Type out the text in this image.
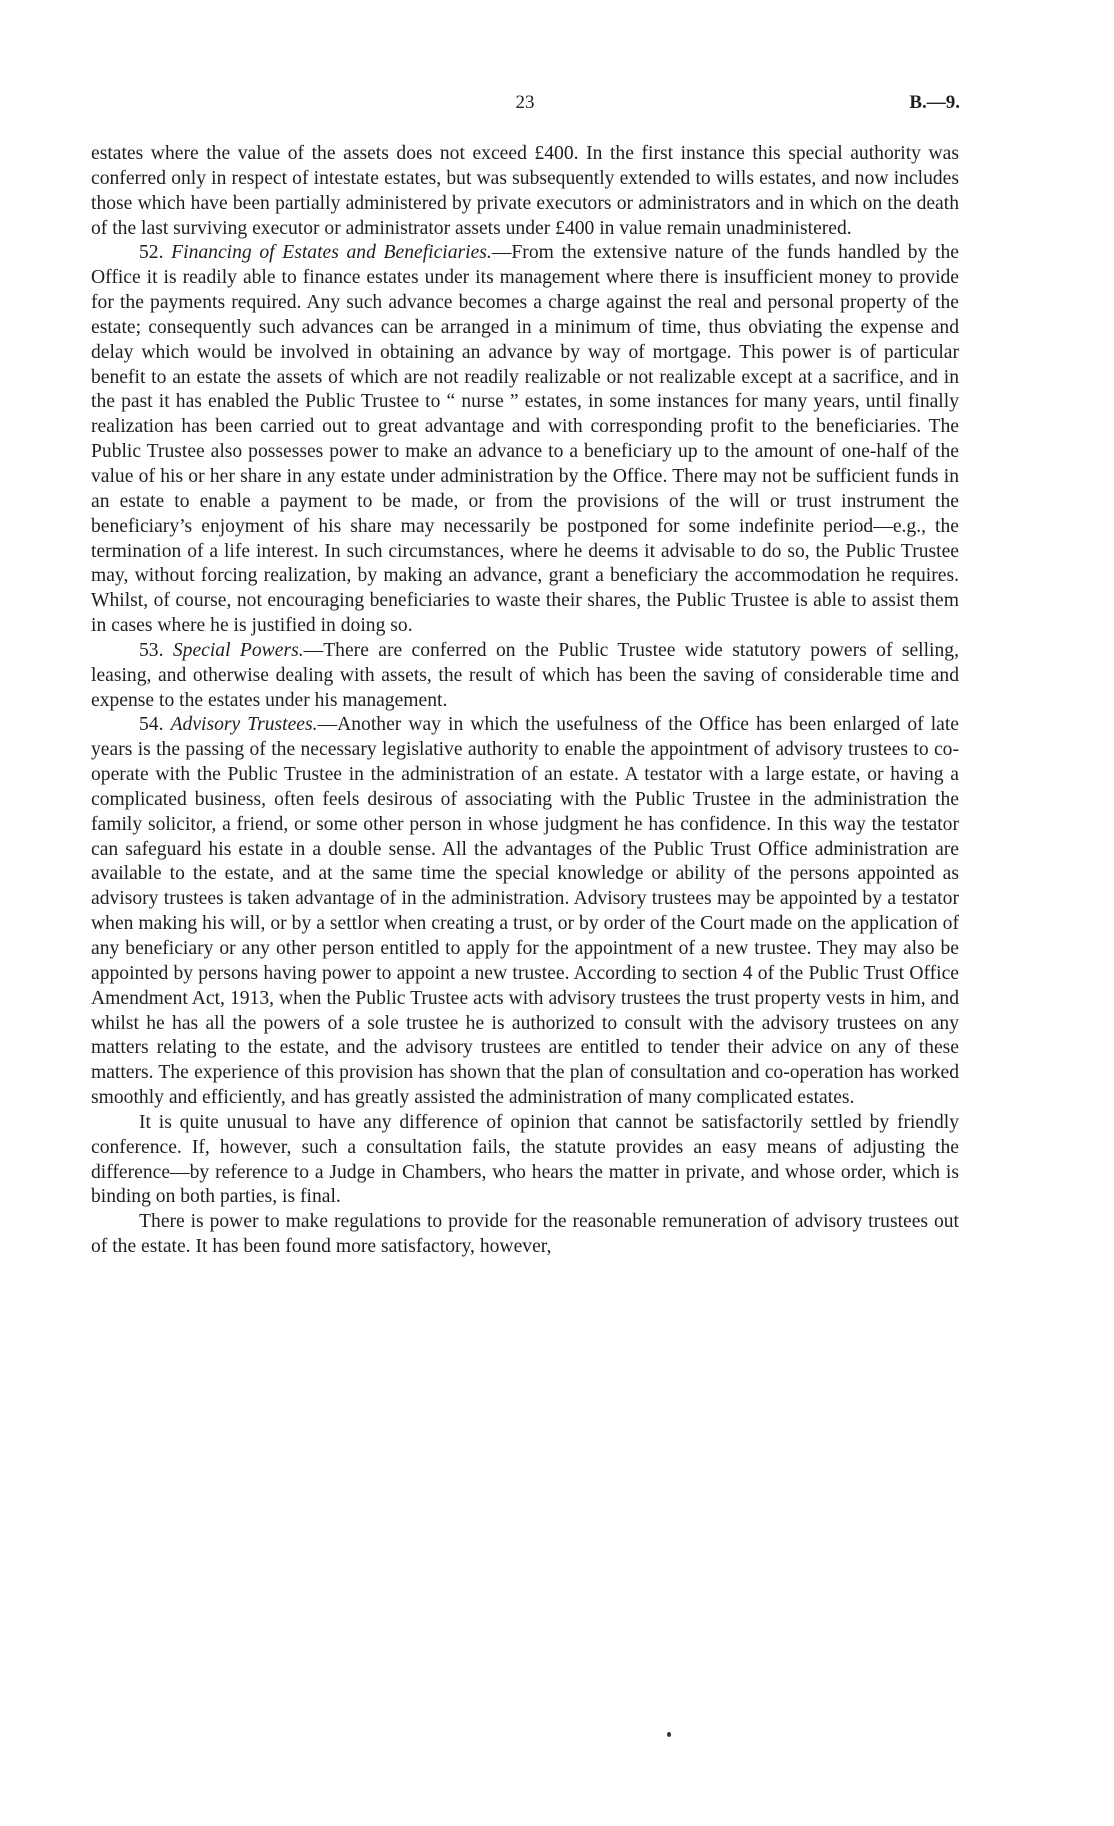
23	B.—9.

estates where the value of the assets does not exceed £400. In the first instance this special authority was conferred only in respect of intestate estates, but was subsequently extended to wills estates, and now includes those which have been partially administered by private executors or administrators and in which on the death of the last surviving executor or administrator assets under £400 in value remain unadministered.

52. Financing of Estates and Beneficiaries.—From the extensive nature of the funds handled by the Office it is readily able to finance estates under its management where there is insufficient money to provide for the payments required. Any such advance becomes a charge against the real and personal property of the estate; consequently such advances can be arranged in a minimum of time, thus obviating the expense and delay which would be involved in obtaining an advance by way of mortgage. This power is of particular benefit to an estate the assets of which are not readily realizable or not realizable except at a sacrifice, and in the past it has enabled the Public Trustee to “ nurse ” estates, in some instances for many years, until finally realization has been carried out to great advantage and with corresponding profit to the beneficiaries. The Public Trustee also possesses power to make an advance to a beneficiary up to the amount of one-half of the value of his or her share in any estate under administration by the Office. There may not be sufficient funds in an estate to enable a payment to be made, or from the provisions of the will or trust instrument the beneficiary’s enjoyment of his share may necessarily be postponed for some indefinite period—e.g., the termination of a life interest. In such circumstances, where he deems it advisable to do so, the Public Trustee may, without forcing realization, by making an advance, grant a beneficiary the accommodation he requires. Whilst, of course, not encouraging beneficiaries to waste their shares, the Public Trustee is able to assist them in cases where he is justified in doing so.

53. Special Powers.—There are conferred on the Public Trustee wide statutory powers of selling, leasing, and otherwise dealing with assets, the result of which has been the saving of considerable time and expense to the estates under his management.

54. Advisory Trustees.—Another way in which the usefulness of the Office has been enlarged of late years is the passing of the necessary legislative authority to enable the appointment of advisory trustees to co-operate with the Public Trustee in the administration of an estate. A testator with a large estate, or having a complicated business, often feels desirous of associating with the Public Trustee in the administration the family solicitor, a friend, or some other person in whose judgment he has confidence. In this way the testator can safeguard his estate in a double sense. All the advantages of the Public Trust Office administration are available to the estate, and at the same time the special knowledge or ability of the persons appointed as advisory trustees is taken advantage of in the administration. Advisory trustees may be appointed by a testator when making his will, or by a settlor when creating a trust, or by order of the Court made on the application of any beneficiary or any other person entitled to apply for the appointment of a new trustee. They may also be appointed by persons having power to appoint a new trustee. According to section 4 of the Public Trust Office Amendment Act, 1913, when the Public Trustee acts with advisory trustees the trust property vests in him, and whilst he has all the powers of a sole trustee he is authorized to consult with the advisory trustees on any matters relating to the estate, and the advisory trustees are entitled to tender their advice on any of these matters. The experience of this provision has shown that the plan of consultation and co-operation has worked smoothly and efficiently, and has greatly assisted the administration of many complicated estates.

It is quite unusual to have any difference of opinion that cannot be satisfactorily settled by friendly conference. If, however, such a consultation fails, the statute provides an easy means of adjusting the difference—by reference to a Judge in Chambers, who hears the matter in private, and whose order, which is binding on both parties, is final.

There is power to make regulations to provide for the reasonable remuneration of advisory trustees out of the estate. It has been found more satisfactory, however,
